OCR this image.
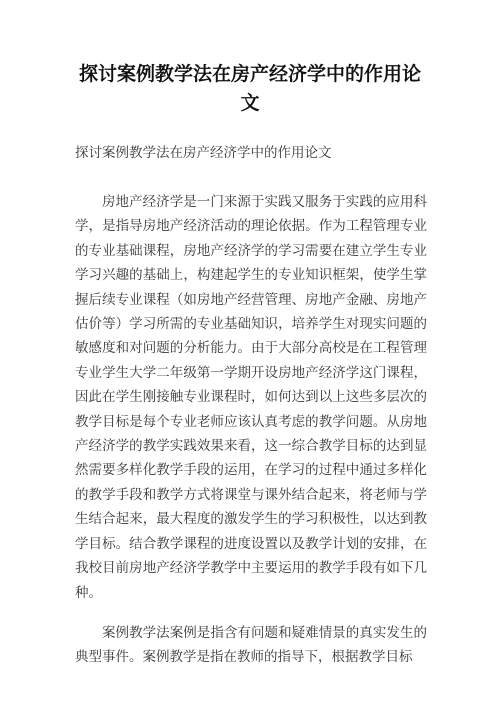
探讨案例教学法在房产经济学中的作用论文

探讨案例教学法在房产经济学中的作用论文

房地产经济学是一门来源于实践又服务于实践的应用科学，是指导房地产经济活动的理论依据。作为工程管理专业的专业基础课程，房地产经济学的学习需要在建立学生专业学习兴趣的基础上，构建起学生的专业知识框架，使学生掌握后续专业课程（如房地产经营管理、房地产金融、房地产估价等）学习所需的专业基础知识，培养学生对现实问题的敏感度和对问题的分析能力。由于大部分高校是在工程管理专业学生大学二年级第一学期开设房地产经济学这门课程，因此在学生刚接触专业课程时，如何达到以上这些多层次的教学目标是每个专业老师应该认真考虑的教学问题。从房地产经济学的教学实践效果来看，这一综合教学目标的达到显然需要多样化教学手段的运用，在学习的过程中通过多样化的教学手段和教学方式将课堂与课外结合起来，将老师与学生结合起来，最大程度的激发学生的学习积极性，以达到教学目标。结合教学课程的进度设置以及教学计划的安排，在我校目前房地产经济学教学中主要运用的教学手段有如下几种。

案例教学法案例是指含有问题和疑难情景的真实发生的典型事件。案例教学是指在教师的指导下，根据教学目标
